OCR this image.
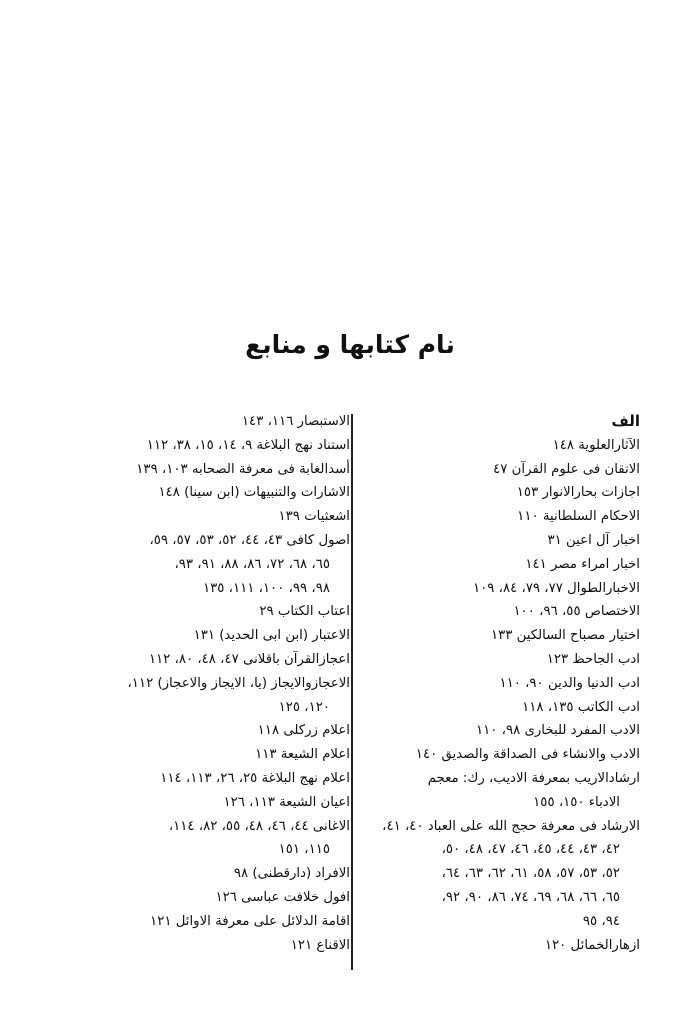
نام کتابها و منابع
الف
الآثارالعلوية ١٤٨
الاتقان فى علوم القرآن ٤٧
اجازات بحارالانوار ١٥٣
الاحكام السلطانية ١١٠
اخبار آل اعين ٣١
اخبار امراء مصر ١٤١
الاخبارالطوال ٧٧، ٧٩، ٨٤، ١٠٩
الاختصاص ٥٥، ٩٦، ١٠٠
اختيار مصباح السالكين ١٣٣
ادب الجاحظ ١٢٣
ادب الدنيا والدين ٩٠، ١١٠
ادب الكاتب ١٣٥، ١١٨
الادب المفرد للبخارى ٩٨، ١١٠
الادب والانشاء فى الصداقة والصديق ١٤٠
ارشادالاريب بمعرفة الاديب، رك: معجم
الادباء ١٥٠، ١٥٥
الارشاد فى معرفة حجج الله على العباد ٤٠، ٤١،
٤٢، ٤٣، ٤٤، ٤٥، ٤٦، ٤٧، ٤٨، ٥٠،
٥٢، ٥٣، ٥٧، ٥٨، ٦١، ٦٢، ٦٣، ٦٤،
٦٥، ٦٦، ٦٨، ٦٩، ٧٤، ٨٦، ٩٠، ٩٢،
٩٤، ٩٥
ازهارالخمائل ١٢٠
الاستبصار ١١٦، ١٤٣
استناد نهج البلاغة ٩، ١٤، ١٥، ٣٨، ١١٢
أسدالغابة فى معرفة الصحابه ١٠٣، ١٣٩
الاشارات والتنبيهات (ابن سينا) ١٤٨
اشعثيات ١٣٩
اصول كافى ٤٣، ٤٤، ٥٢، ٥٣، ٥٧، ٥٩،
٦٥، ٦٨، ٧٢، ٨٦، ٨٨، ٩١، ٩٣،
٩٨، ٩٩، ١٠٠، ١١١، ١٣٥
اعتاب الكتاب ٢٩
الاعتبار (ابن ابى الحديد) ١٣١
اعجازالقرآن باقلانى ٤٧، ٤٨، ٨٠، ١١٢
الاعجازوالايجاز (يا، الايجاز والاعجاز) ١١٢،
١٢٠، ١٢٥
اعلام زركلى ١١٨
اعلام الشيعة ١١٣
اعلام نهج البلاغة ٢٥، ٢٦، ١١٣، ١١٤
اعيان الشيعة ١١٣، ١٢٦
الاغانى ٤٤، ٤٦، ٤٨، ٥٥، ٨٢، ١١٤،
١١٥، ١٥١
الافراد (دارقطنى) ٩٨
افول خلافت عباسى ١٢٦
اقامة الدلائل على معرفة الاوائل ١٢١
الاقناع ١٢١
